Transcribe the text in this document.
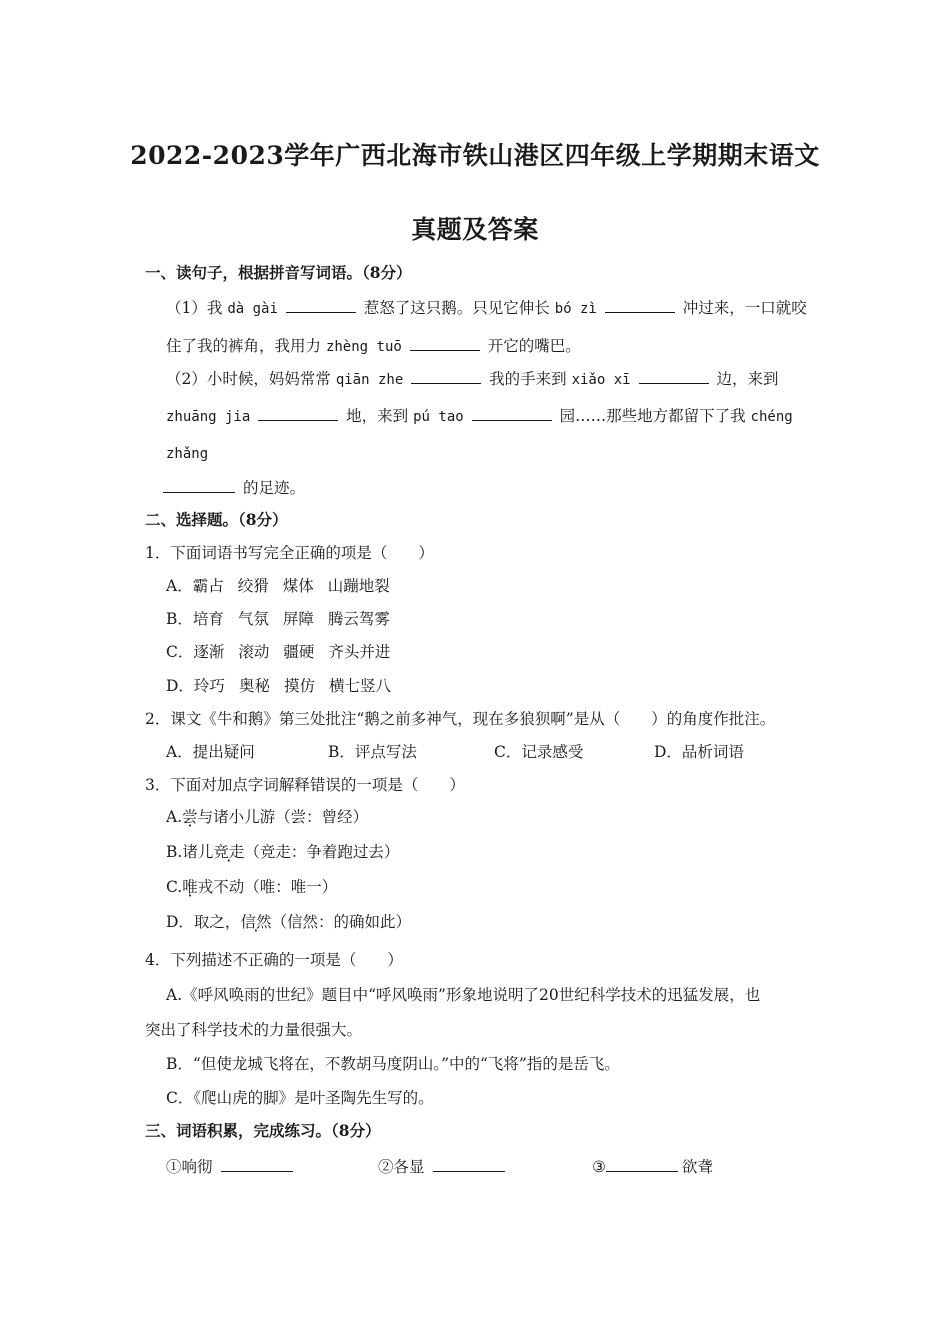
2022-2023学年广西北海市铁山港区四年级上学期期末语文
真题及答案
一、读句子，根据拼音写词语。（8分）
（1）我 dà gài	惹怒了这只鹅。只见它伸长 bó zì	冲过来，一口就咬
住了我的裤角，我用力 zhèng tuō	开它的嘴巴。
（2）小时候，妈妈常常 qiān zhe	我的手来到 xiǎo xī	边，来到
zhuāng jia	地，来到 pú tao	园……那些地方都留下了我 chéng
zhǎng
的足迹。
二、选择题。（8分）
1．下面词语书写完全正确的项是（　　）
A．霸占 绞猾 煤体 山蹦地裂
B．培育 气氛 屏障 腾云驾雾
C．逐渐 滚动 疆硬 齐头并进
D．玲巧 奥秘 摸仿 横七竖八
2．课文《牛和鹅》第三处批注“鹅之前多神气，现在多狼狈啊”是从（　　）的角度作批注。
A．提出疑问	B．评点写法	C．记录感受	D．品析词语
3．下面对加点字词解释错误的一项是（　　）
A.尝与诸小儿游（尝：曾经）
B.诸儿竞走（竞走：争着跑过去）
C.唯戎不动（唯：唯一）
D．取之，信然（信然：的确如此）
4．下列描述不正确的一项是（　　）
A.《呼风唤雨的世纪》题目中“呼风唤雨”形象地说明了20世纪科学技术的迅猛发展，也
突出了科学技术的力量很强大。
B．“但使龙城飞将在，不教胡马度阴山。”中的“飞将”指的是岳飞。
C．《爬山虎的脚》是叶圣陶先生写的。
三、词语积累，完成练习。（8分）
①响彻	②各显	③	欲聋
